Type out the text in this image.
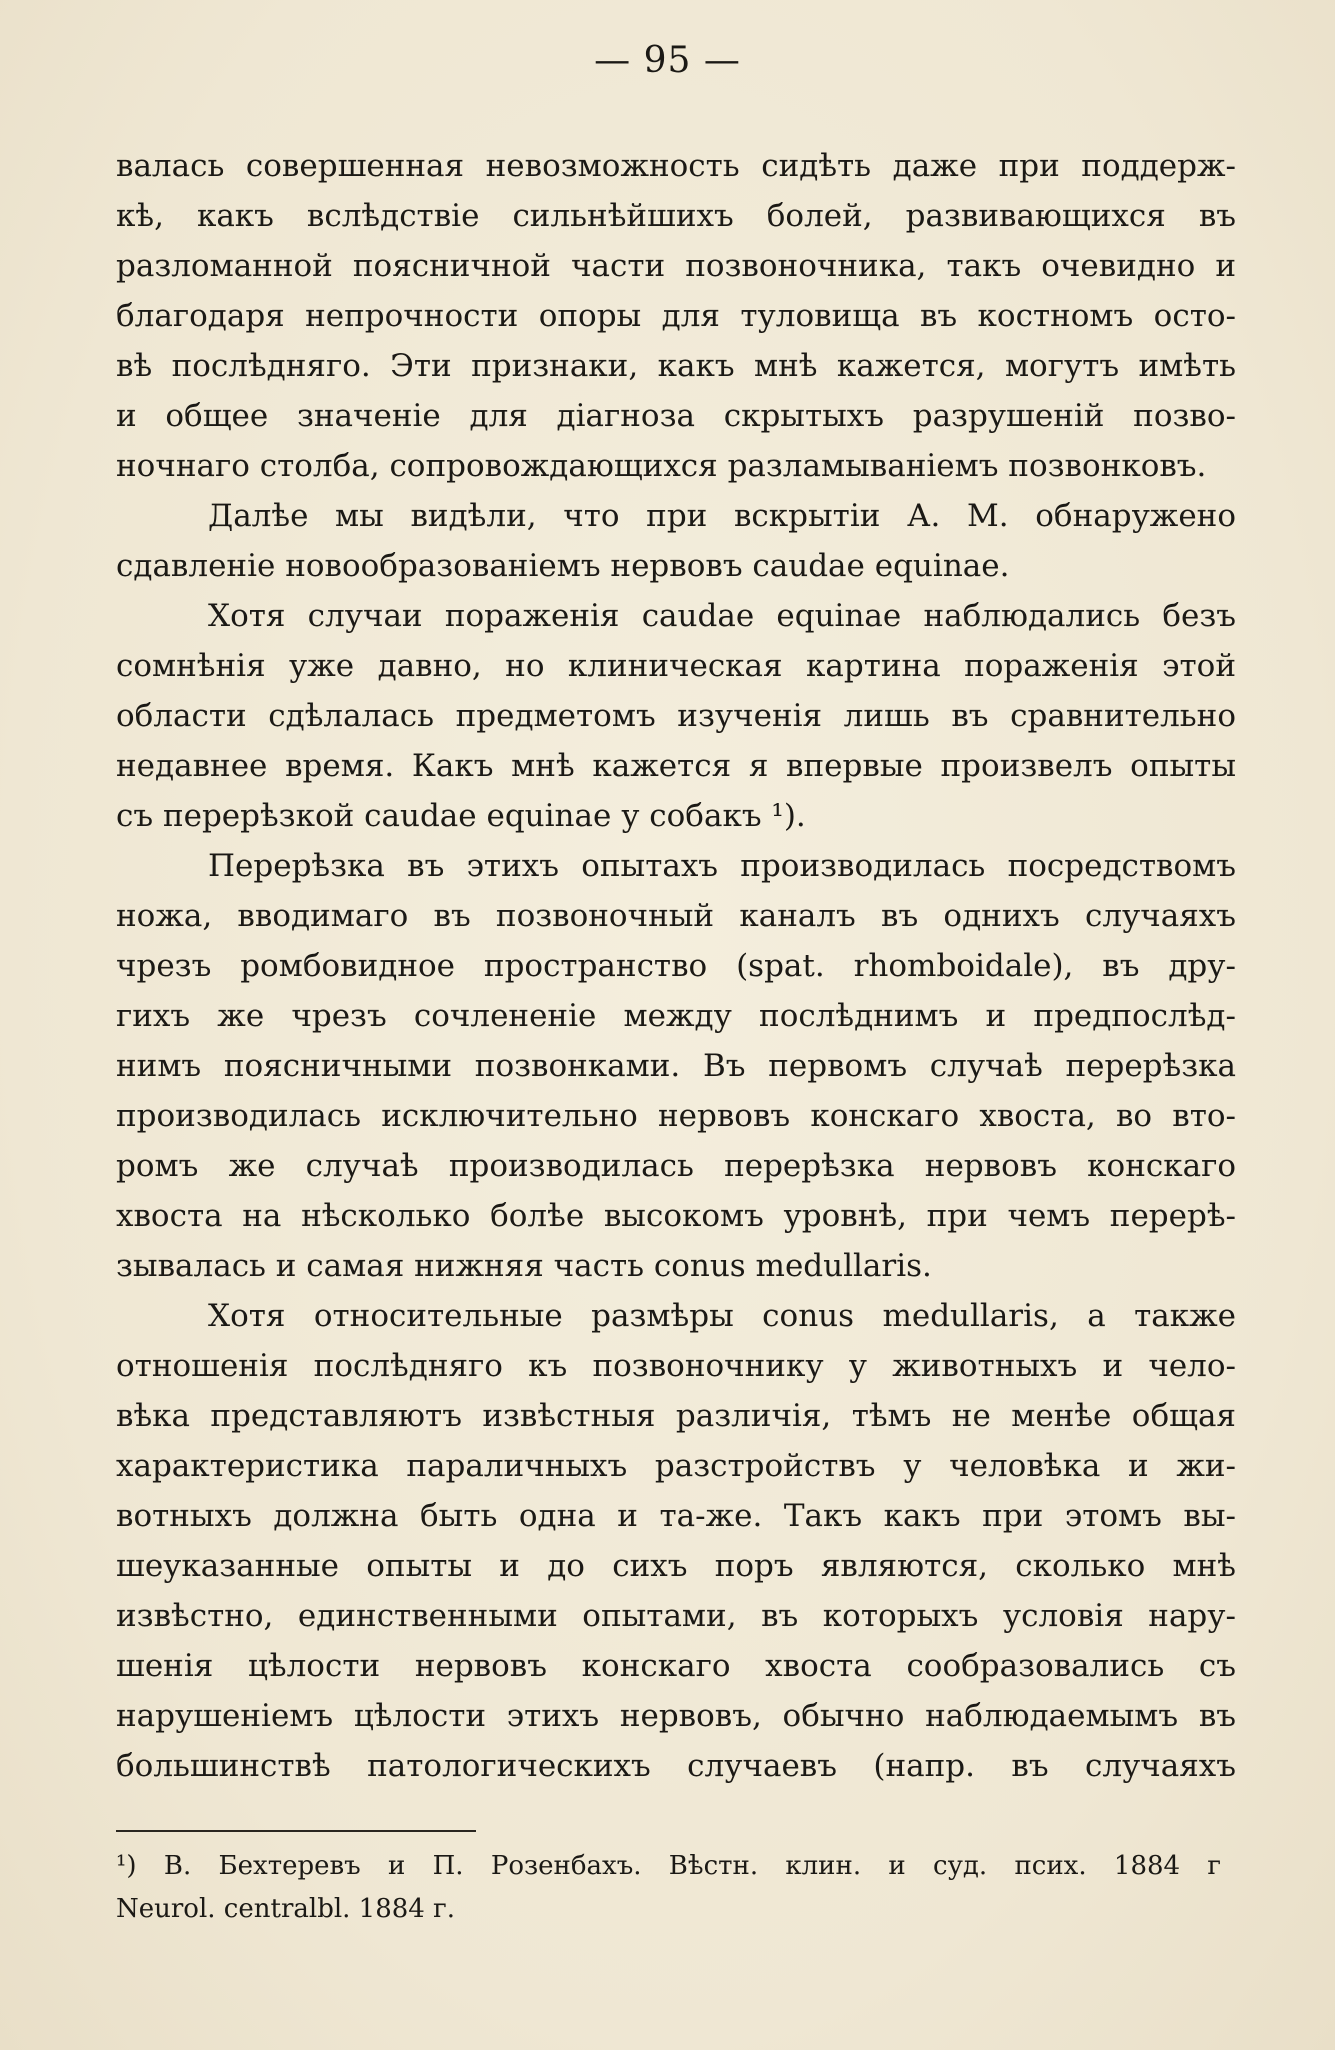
— 95 —
валась совершенная невозможность сидѣть даже при поддерж-
кѣ, какъ вслѣдствіе сильнѣйшихъ болей, развивающихся въ
разломанной поясничной части позвоночника, такъ очевидно и
благодаря непрочности опоры для туловища въ костномъ осто-
вѣ послѣдняго. Эти признаки, какъ мнѣ кажется, могутъ имѣть
и общее значеніе для діагноза скрытыхъ разрушеній позво-
ночнаго столба, сопровождающихся разламываніемъ позвонковъ.
Далѣе мы видѣли, что при вскрытіи А. М. обнаружено
сдавленіе новообразованіемъ нервовъ caudae equinae.
Хотя случаи пораженія caudae equinae наблюдались безъ
сомнѣнія уже давно, но клиническая картина пораженія этой
области сдѣлалась предметомъ изученія лишь въ сравнительно
недавнее время. Какъ мнѣ кажется я впервые произвелъ опыты
съ перерѣзкой caudae equinae у собакъ ¹).
Перерѣзка въ этихъ опытахъ производилась посредствомъ
ножа, вводимаго въ позвоночный каналъ въ однихъ случаяхъ
чрезъ ромбовидное пространство (spat. rhomboidale), въ дру-
гихъ же чрезъ сочлененіе между послѣднимъ и предпослѣд-
нимъ поясничными позвонками. Въ первомъ случаѣ перерѣзка
производилась исключительно нервовъ конскаго хвоста, во вто-
ромъ же случаѣ производилась перерѣзка нервовъ конскаго
хвоста на нѣсколько болѣе высокомъ уровнѣ, при чемъ перерѣ-
зывалась и самая нижняя часть conus medullaris.
Хотя относительные размѣры conus medullaris, а также
отношенія послѣдняго къ позвоночнику у животныхъ и чело-
вѣка представляютъ извѣстныя различія, тѣмъ не менѣе общая
характеристика параличныхъ разстройствъ у человѣка и жи-
вотныхъ должна быть одна и та-же. Такъ какъ при этомъ вы-
шеуказанные опыты и до сихъ поръ являются, сколько мнѣ
извѣстно, единственными опытами, въ которыхъ условія нару-
шенія цѣлости нервовъ конскаго хвоста сообразовались съ
нарушеніемъ цѣлости этихъ нервовъ, обычно наблюдаемымъ въ
большинствѣ патологическихъ случаевъ (напр. въ случаяхъ
¹) В. Бехтеревъ и П. Розенбахъ. Вѣстн. клин. и суд. псих. 1884 г
Neurol. centralbl. 1884 г.
